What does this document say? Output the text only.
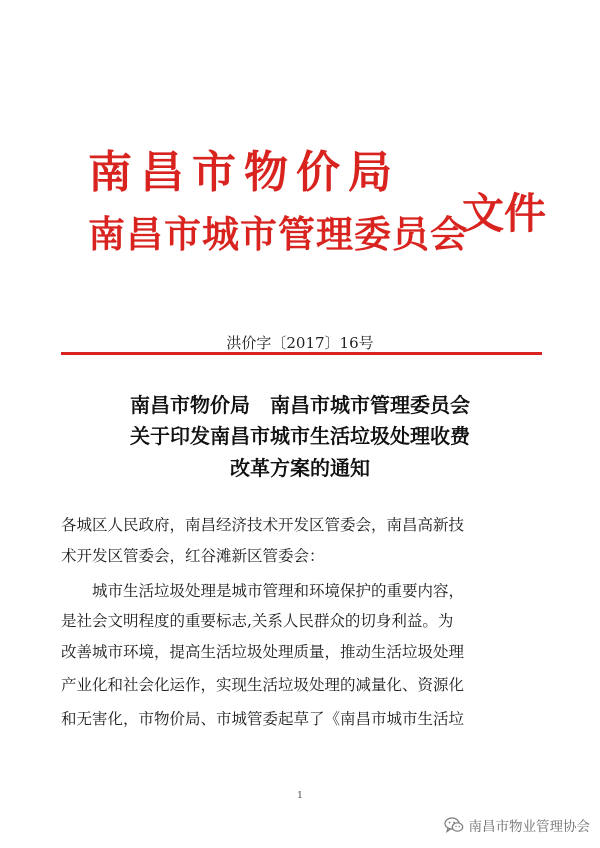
南昌市物价局
南昌市城市管理委员会
文件
洪价字〔2017〕16号
南昌市物价局　南昌市城市管理委员会
关于印发南昌市城市生活垃圾处理收费
改革方案的通知
各城区人民政府，南昌经济技术开发区管委会，南昌高新技
术开发区管委会，红谷滩新区管委会：
城市生活垃圾处理是城市管理和环境保护的重要内容，
是社会文明程度的重要标志,关系人民群众的切身利益。为
改善城市环境，提高生活垃圾处理质量，推动生活垃圾处理
产业化和社会化运作，实现生活垃圾处理的减量化、资源化
和无害化，市物价局、市城管委起草了《南昌市城市生活垃
1
南昌市物业管理协会
